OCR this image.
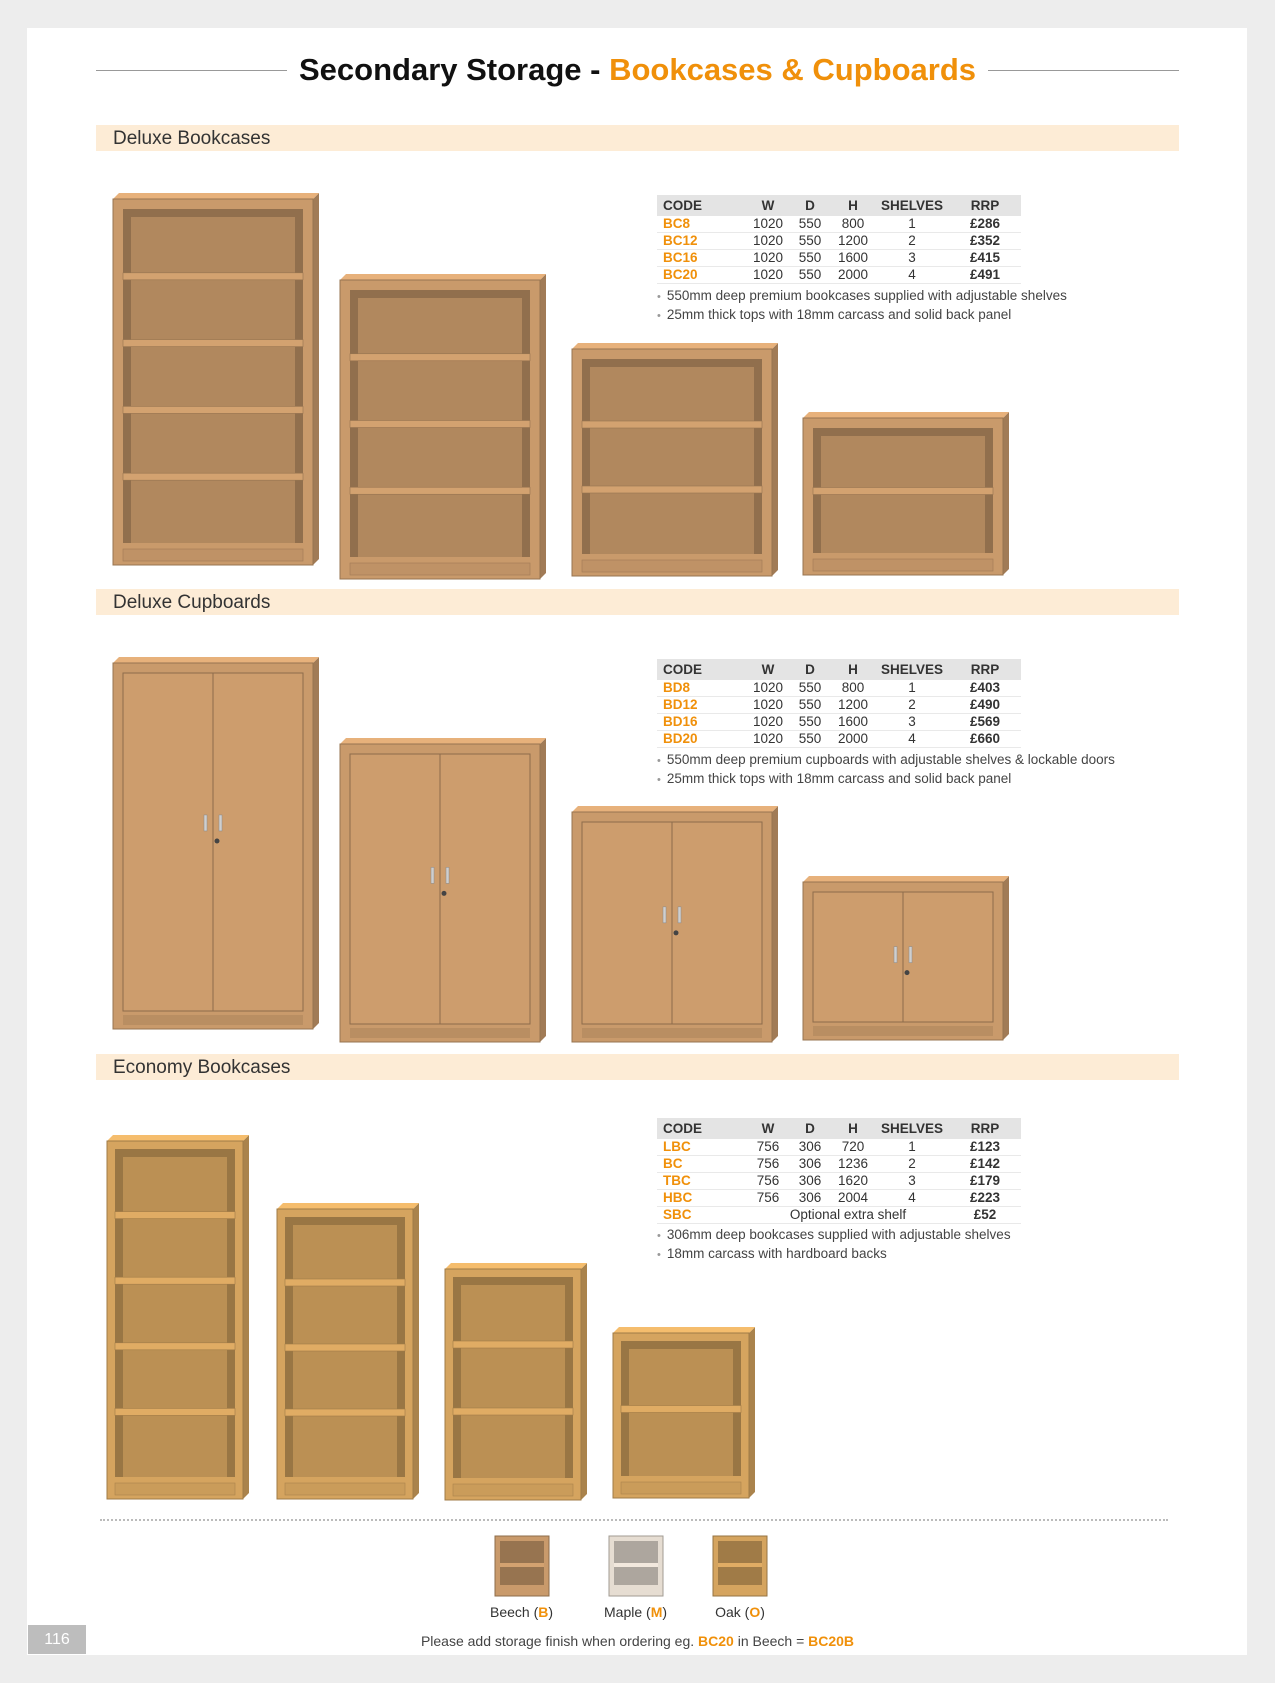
Secondary Storage - Bookcases & Cupboards
Deluxe Bookcases
CODE	W	D	H	SHELVES	RRP
BC8	1020	550	800	1	£286
BC12	1020	550	1200	2	£352
BC16	1020	550	1600	3	£415
BC20	1020	550	2000	4	£491
• 550mm deep premium bookcases supplied with adjustable shelves
• 25mm thick tops with 18mm carcass and solid back panel
Deluxe Cupboards
CODE	W	D	H	SHELVES	RRP
BD8	1020	550	800	1	£403
BD12	1020	550	1200	2	£490
BD16	1020	550	1600	3	£569
BD20	1020	550	2000	4	£660
• 550mm deep premium cupboards with adjustable shelves & lockable doors
• 25mm thick tops with 18mm carcass and solid back panel
Economy Bookcases
CODE	W	D	H	SHELVES	RRP
LBC	756	306	720	1	£123
BC	756	306	1236	2	£142
TBC	756	306	1620	3	£179
HBC	756	306	2004	4	£223
SBC	Optional extra shelf				£52
• 306mm deep bookcases supplied with adjustable shelves
• 18mm carcass with hardboard backs
Beech (B)	Maple (M)	Oak (O)
116	Please add storage finish when ordering eg. BC20 in Beech = BC20B
